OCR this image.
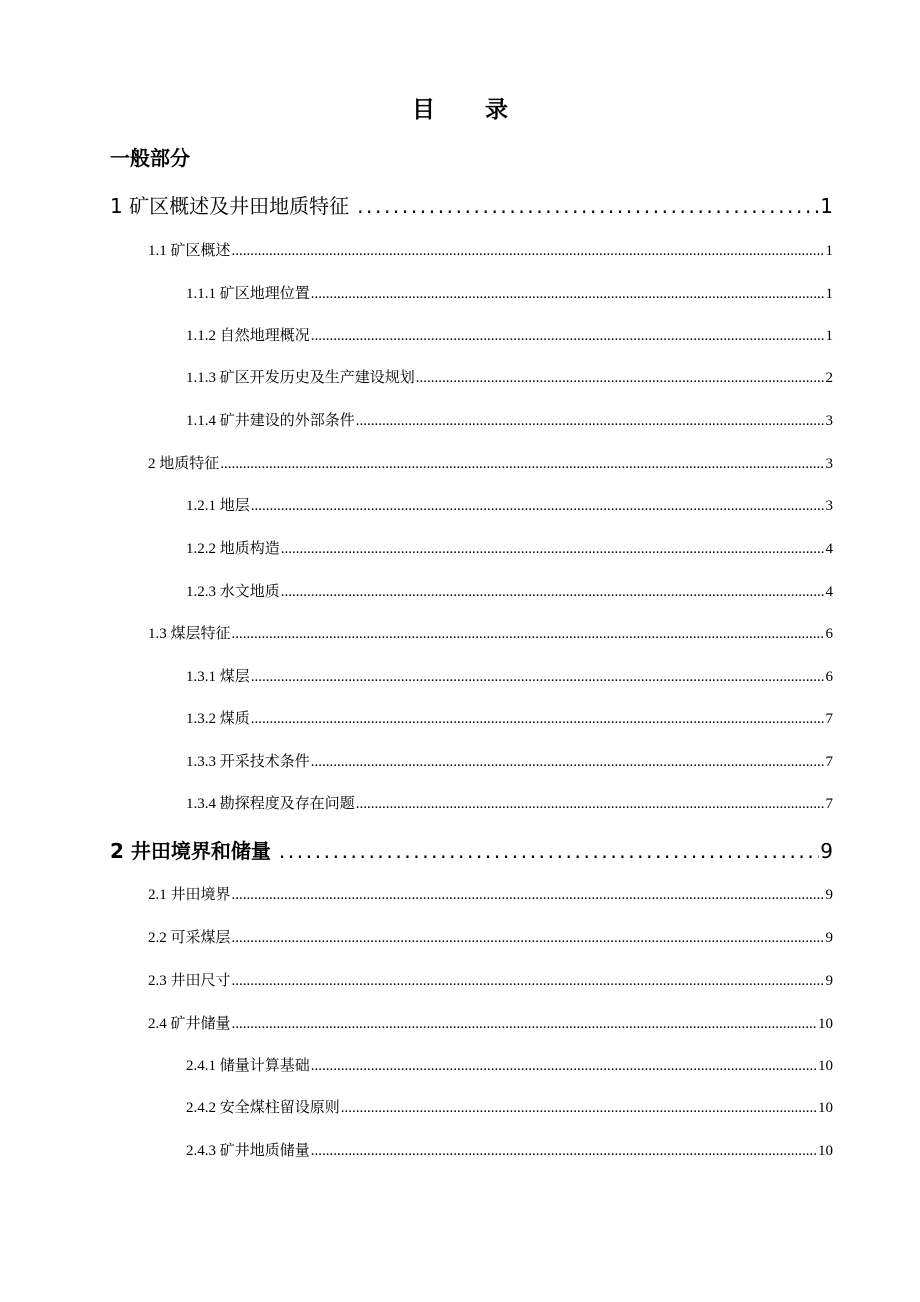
目录
一般部分
1 矿区概述及井田地质特征 .....	1
1.1 矿区概述 .....	1
1.1.1 矿区地理位置 .....	1
1.1.2 自然地理概况 .....	1
1.1.3 矿区开发历史及生产建设规划 .....	2
1.1.4 矿井建设的外部条件 .....	3
2 地质特征 .....	3
1.2.1 地层 .....	3
1.2.2 地质构造 .....	4
1.2.3 水文地质 .....	4
1.3 煤层特征 .....	6
1.3.1 煤层 .....	6
1.3.2 煤质 .....	7
1.3.3 开采技术条件 .....	7
1.3.4 勘探程度及存在问题 .....	7
2 井田境界和储量 .....	9
2.1 井田境界 .....	9
2.2 可采煤层 .....	9
2.3 井田尺寸 .....	9
2.4 矿井储量 .....	10
2.4.1 储量计算基础 .....	10
2.4.2 安全煤柱留设原则 .....	10
2.4.3 矿井地质储量 .....	10
